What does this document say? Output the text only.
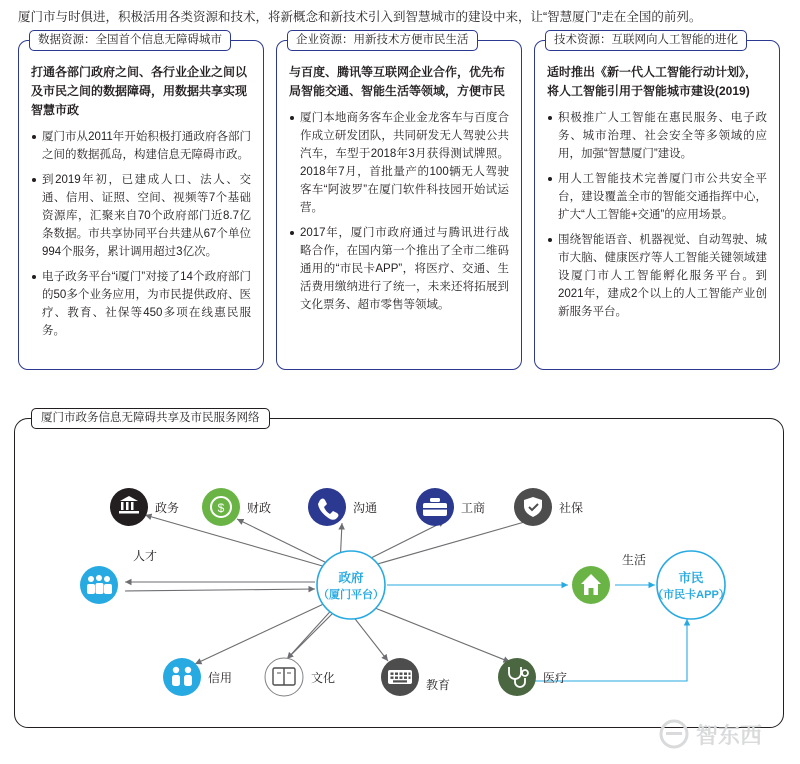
厦门市与时俱进，积极活用各类资源和技术，将新概念和新技术引入到智慧城市的建设中来，让“智慧厦门”走在全国的前列。
数据资源：全国首个信息无障碍城市
打通各部门政府之间、各行业企业之间以及市民之间的数据障碍，用数据共享实现智慧市政
厦门市从2011年开始积极打通政府各部门之间的数据孤岛，构建信息无障碍市政。
到2019年初，已建成人口、法人、交通、信用、证照、空间、视频等7个基础资源库，汇聚来自70个政府部门近8.7亿条数据。市共享协同平台共建从67个单位994个服务，累计调用超过3亿次。
电子政务平台“i厦门”对接了14个政府部门的50多个业务应用，为市民提供政府、医疗、教育、社保等450多项在线惠民服务。
企业资源：用新技术方便市民生活
与百度、腾讯等互联网企业合作，优先布局智能交通、智能生活等领域，方便市民
厦门本地商务客车企业金龙客车与百度合作成立研发团队，共同研发无人驾驶公共汽车，车型于2018年3月获得测试牌照。2018年7月，首批量产的100辆无人驾驶客车“阿波罗”在厦门软件科技园开始试运营。
2017年，厦门市政府通过与腾讯进行战略合作，在国内第一个推出了全市二维码通用的“市民卡APP”，将医疗、交通、生活费用缴纳进行了统一，未来还将拓展到文化票务、超市零售等领域。
技术资源：互联网向人工智能的进化
适时推出《新一代人工智能行动计划》，将人工智能引用于智能城市建设(2019)
积极推广人工智能在惠民服务、电子政务、城市治理、社会安全等多领域的应用，加强“智慧厦门”建设。
用人工智能技术完善厦门市公共安全平台，建设覆盖全市的智能交通指挥中心，扩大“人工智能+交通”的应用场景。
围绕智能语音、机器视觉、自动驾驶、城市大脑、健康医疗等人工智能关键领域建设厦门市人工智能孵化服务平台。到2021年，建成2个以上的人工智能产业创新服务平台。
厦门市政务信息无障碍共享及市民服务网络
政务	$ 财政	沟通	工商	社保
人才
信用	文化	教育	医疗
生活
政府
（厦门平台）
市民
（市民卡APP）
智东西
